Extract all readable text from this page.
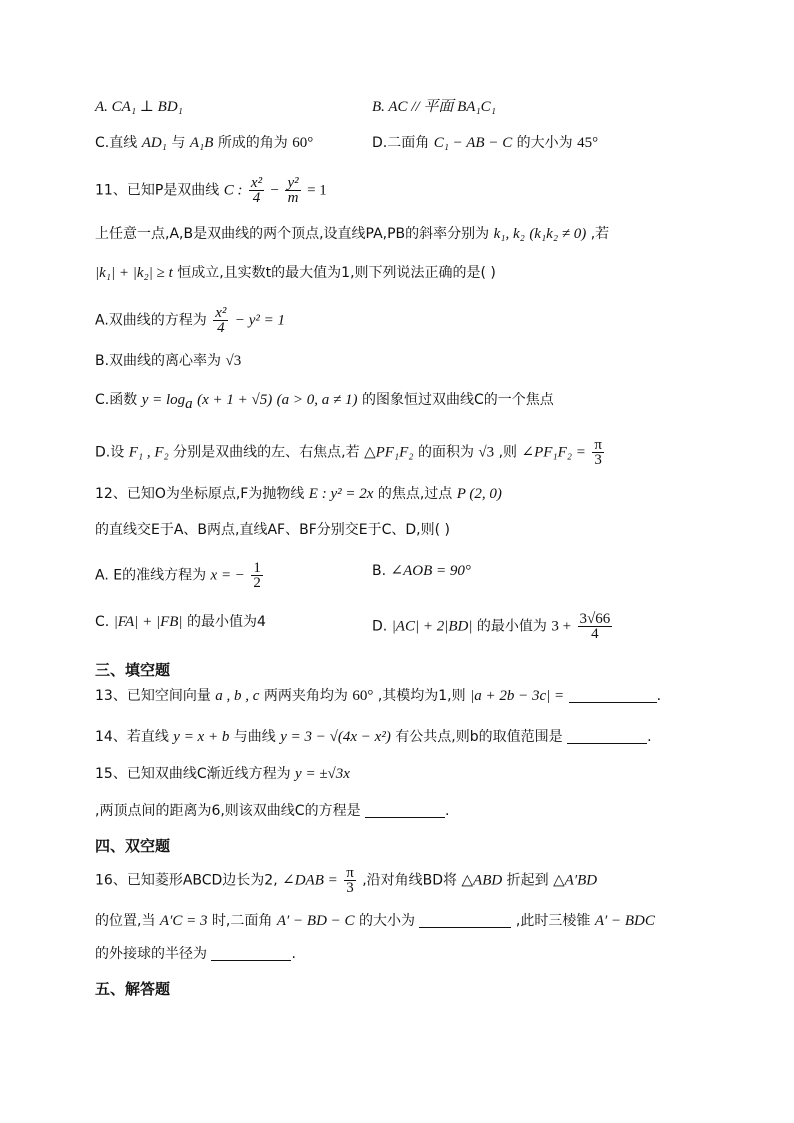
A. CA₁ ⊥ BD₁	B. AC // 平面 BA₁C₁
C.直线 AD₁ 与 A₁B 所成的角为 60°	D.二面角 C₁ − AB − C 的大小为 45°
11、已知P是双曲线 C : $\frac{\text{x²}}{4} - \frac{\text{y²}}{m} = 1$
上任意一点,A,B是双曲线的两个顶点,设直线PA,PB的斜率分别为 k₁, k₂ (k₁k₂ ≠ 0) ,若
|k₁| + |k₂| ≥ t 恒成立,且实数t的最大值为1,则下列说法正确的是( )
A.双曲线的方程为 $\frac{\text{x²}}{4} - y^2 = 1$
B.双曲线的离心率为 √3
C.函数 $y = \log_a (x + 1 + √5) (a > 0$, a ≠ 1) 的图象恒过双曲线C的一个焦点
D.设 F₁ , F₂ 分别是双曲线的左、右焦点,若 △PF₁F₂ 的面积为 √3 ,则 ∠PF₁F₂ = $\frac{\pi}{3}$
12、已知O为坐标原点,F为抛物线 E : y² = 2x 的焦点,过点 P (2, 0)
的直线交E于A、B两点,直线AF、BF分别交E于C、D,则( )
A. E的准线方程为 x = − $\frac{1}{2}$	B. ∠AOB = 90°
C. |FA| + |FB| 的最小值为4	D. |AC| + 2|BD| 的最小值为 $3 + \frac{3√66}{4}$
三、填空题
13、已知空间向量 a , b , c 两两夹角均为 60° ,其模均为1,则 |a + 2b − 3c| =	.
14、若直线 y = x + b 与曲线 y = 3 − √(4x − x²) 有公共点,则b的取值范围是	.
15、已知双曲线C渐近线方程为 y = ±√3x
,两顶点间的距离为6,则该双曲线C的方程是	.
四、双空题
16、已知菱形ABCD边长为2, ∠DAB = $\frac{\pi}{3}$ ,沿对角线BD将 △ABD 折起到 △A′BD
的位置,当 A′C = 3 时,二面角 A′ − BD − C 的大小为	,此时三棱锥 A′ − BDC
的外接球的半径为	.
五、解答题
